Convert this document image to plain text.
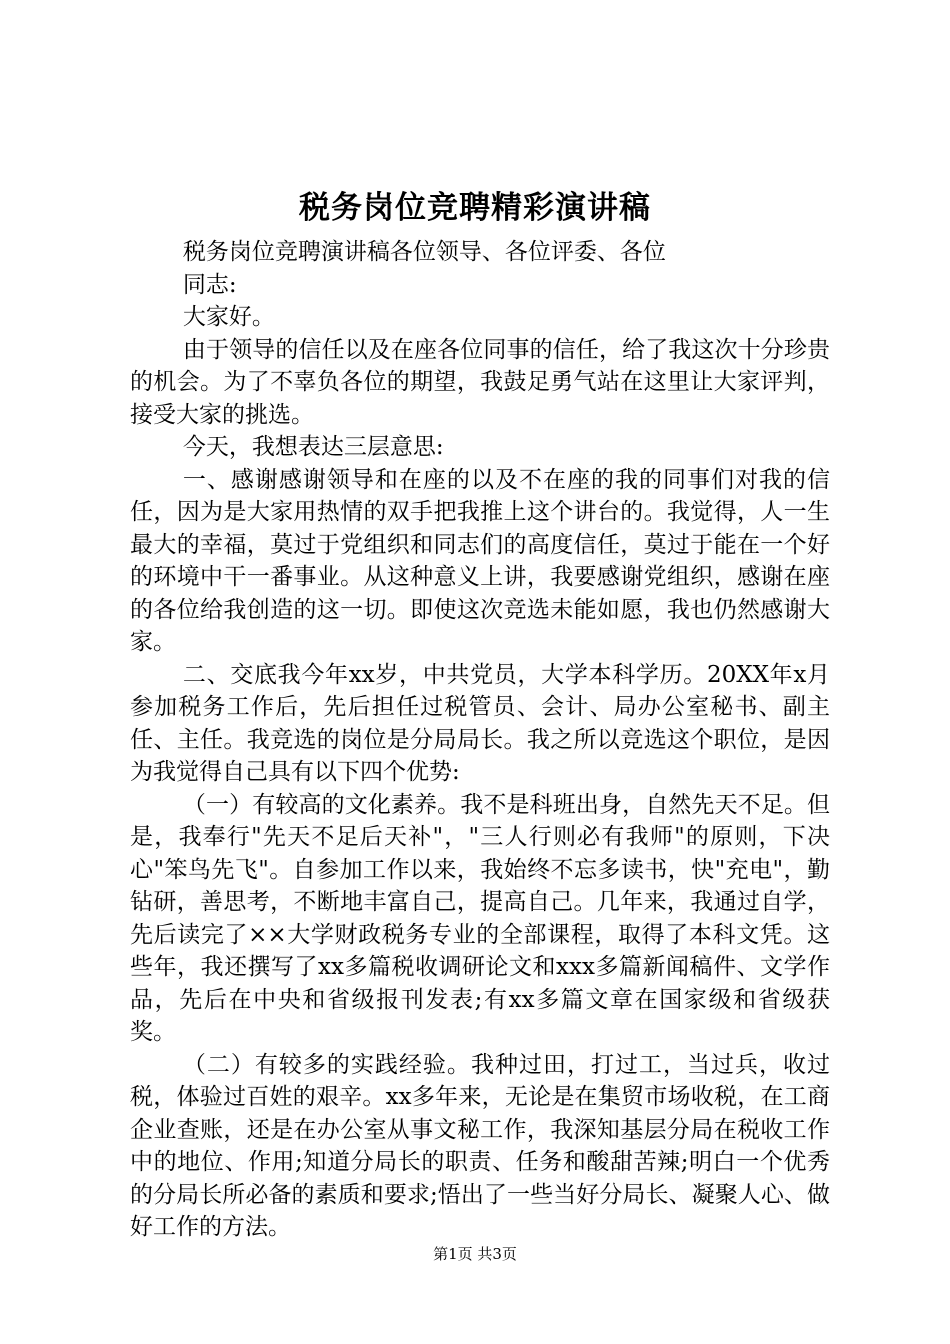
税务岗位竞聘精彩演讲稿

税务岗位竞聘演讲稿各位领导、各位评委、各位

同志:

大家好。

由于领导的信任以及在座各位同事的信任，给了我这次十分珍贵的机会。为了不辜负各位的期望，我鼓足勇气站在这里让大家评判，接受大家的挑选。

今天，我想表达三层意思:

一、感谢感谢领导和在座的以及不在座的我的同事们对我的信任，因为是大家用热情的双手把我推上这个讲台的。我觉得，人一生最大的幸福，莫过于党组织和同志们的高度信任，莫过于能在一个好的环境中干一番事业。从这种意义上讲，我要感谢党组织，感谢在座的各位给我创造的这一切。即使这次竞选未能如愿，我也仍然感谢大家。

二、交底我今年xx岁，中共党员，大学本科学历。20XX年x月参加税务工作后，先后担任过税管员、会计、局办公室秘书、副主任、主任。我竞选的岗位是分局局长。我之所以竞选这个职位，是因为我觉得自己具有以下四个优势:

（一）有较高的文化素养。我不是科班出身，自然先天不足。但是，我奉行"先天不足后天补"，"三人行则必有我师"的原则，下决心"笨鸟先飞"。自参加工作以来，我始终不忘多读书，快"充电"，勤钻研，善思考，不断地丰富自己，提高自己。几年来，我通过自学，先后读完了××大学财政税务专业的全部课程，取得了本科文凭。这些年，我还撰写了xx多篇税收调研论文和xxx多篇新闻稿件、文学作品，先后在中央和省级报刊发表;有xx多篇文章在国家级和省级获奖。

（二）有较多的实践经验。我种过田，打过工，当过兵，收过税，体验过百姓的艰辛。xx多年来，无论是在集贸市场收税，在工商企业查账，还是在办公室从事文秘工作，我深知基层分局在税收工作中的地位、作用;知道分局长的职责、任务和酸甜苦辣;明白一个优秀的分局长所必备的素质和要求;悟出了一些当好分局长、凝聚人心、做好工作的方法。

第1页 共3页
